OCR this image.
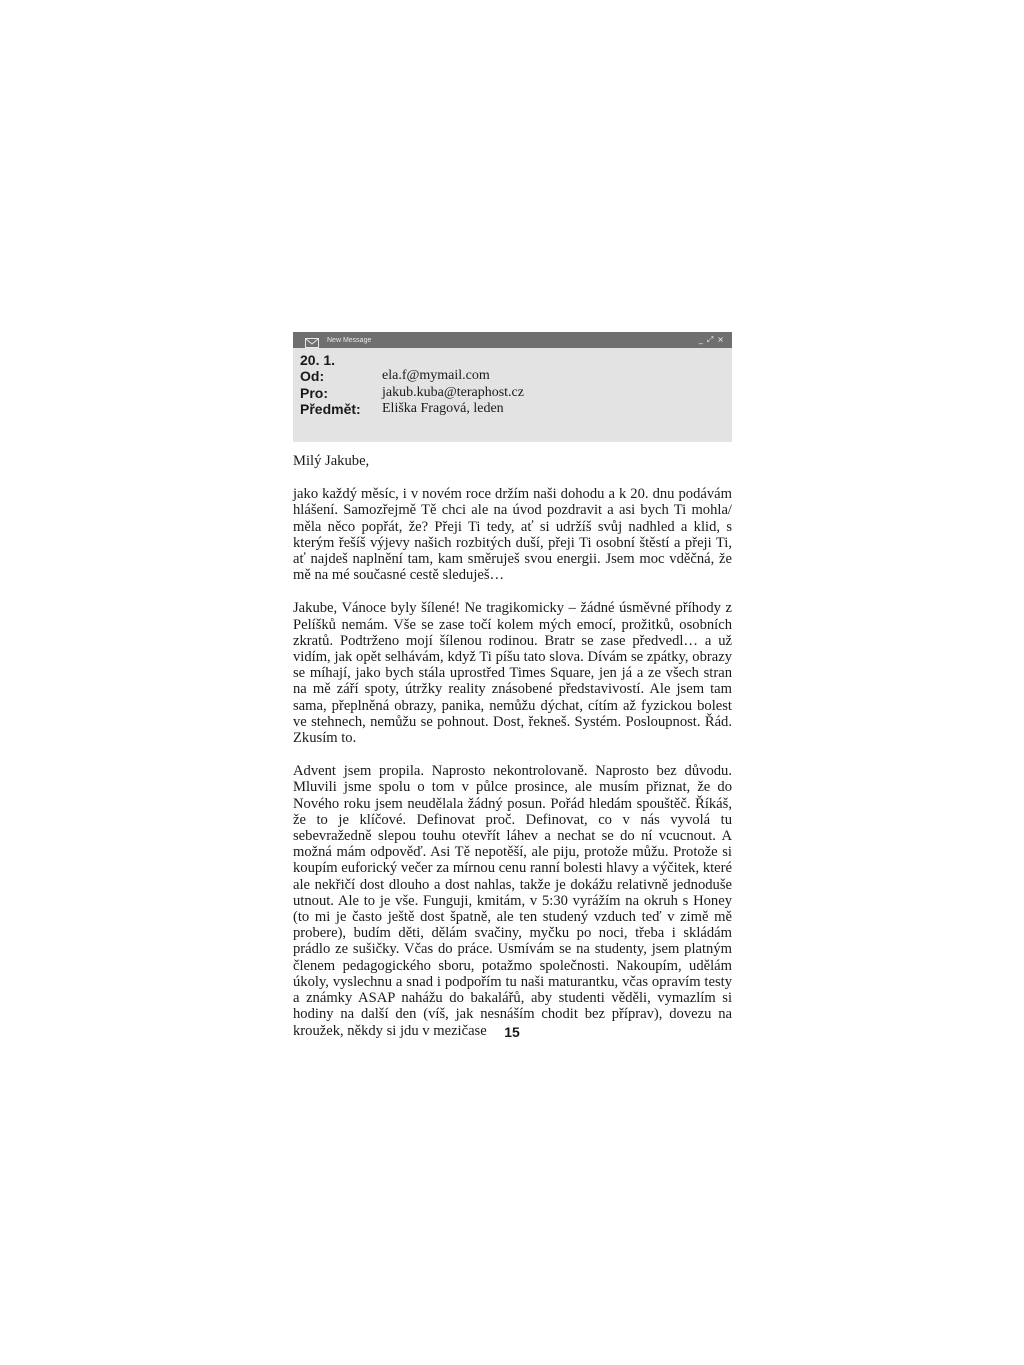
New Message	_ ⤢ ×
20. 1.
Od:	ela.f@mymail.com
Pro:	jakub.kuba@teraphost.cz
Předmět:	Eliška Fragová, leden
Milý Jakube,

jako každý měsíc, i v novém roce držím naši dohodu a k 20. dnu podávám hlášení. Samozřejmě Tě chci ale na úvod pozdravit a asi bych Ti mohla/ měla něco popřát, že? Přeji Ti tedy, ať si udržíš svůj nadhled a klid, s kterým řešíš výjevy našich rozbitých duší, přeji Ti osobní štěstí a přeji Ti, ať najdeš naplnění tam, kam směruješ svou energii. Jsem moc vděčná, že mě na mé současné cestě sleduješ…

Jakube, Vánoce byly šílené! Ne tragikomicky – žádné úsměvné příhody z Pelíšků nemám. Vše se zase točí kolem mých emocí, prožitků, osobních zkratů. Podtrženo mojí šílenou rodinou. Bratr se zase předvedl… a už vidím, jak opět selhávám, když Ti píšu tato slova. Dívám se zpátky, obrazy se míhají, jako bych stála uprostřed Times Square, jen já a ze všech stran na mě září spoty, útržky reality znásobené představivostí. Ale jsem tam sama, přeplněná obrazy, panika, nemůžu dýchat, cítím až fyzickou bolest ve stehnech, nemůžu se pohnout. Dost, řekneš. Systém. Posloupnost. Řád. Zkusím to.

Advent jsem propila. Naprosto nekontrolovaně. Naprosto bez důvodu. Mluvili jsme spolu o tom v půlce prosince, ale musím přiznat, že do Nového roku jsem neudělala žádný posun. Pořád hledám spouštěč. Říkáš, že to je klíčové. Definovat proč. Definovat, co v nás vyvolá tu sebevražedně slepou touhu otevřít láhev a nechat se do ní vcucnout. A možná mám odpověď. Asi Tě nepotěší, ale piju, protože můžu. Protože si koupím euforický večer za mírnou cenu ranní bolesti hlavy a výčitek, které ale nekřičí dost dlouho a dost nahlas, takže je dokážu relativně jednoduše utnout. Ale to je vše. Funguji, kmitám, v 5:30 vyrážím na okruh s Honey (to mi je často ještě dost špatně, ale ten studený vzduch teď v zimě mě probere), budím děti, dělám svačiny, myčku po noci, třeba i skládám prádlo ze sušičky. Včas do práce. Usmívám se na studenty, jsem platným členem pedagogického sboru, potažmo společnosti. Nakoupím, udělám úkoly, vyslechnu a snad i podpořím tu naši maturantku, včas opravím testy a známky ASAP nahážu do bakalářů, aby studenti věděli, vymazlím si hodiny na další den (víš, jak nesnáším chodit bez příprav), dovezu na kroužek, někdy si jdu v mezičase	15
